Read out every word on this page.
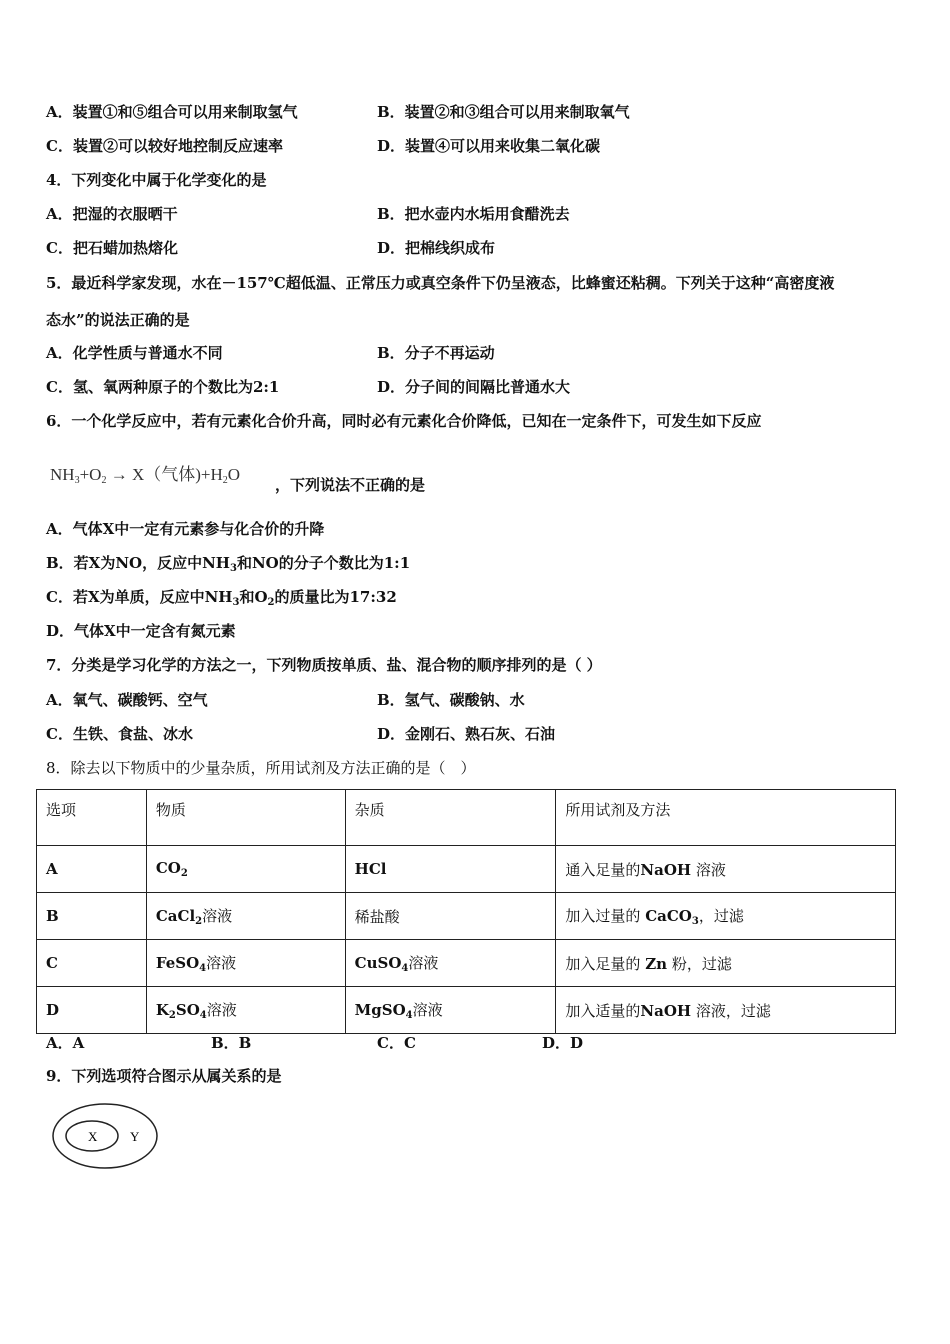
A．装置①和⑤组合可以用来制取氢气	B．装置②和③组合可以用来制取氧气
C．装置②可以较好地控制反应速率	D．装置④可以用来收集二氧化碳
4．下列变化中属于化学变化的是
A．把湿的衣服晒干	B．把水壶内水垢用食醋洗去
C．把石蜡加热熔化	D．把棉线织成布
5．最近科学家发现，水在－157℃超低温、正常压力或真空条件下仍呈液态，比蜂蜜还粘稠。下列关于这种“高密度液
态水”的说法正确的是
A．化学性质与普通水不同	B．分子不再运动
C．氢、氧两种原子的个数比为2:1	D．分子间的间隔比普通水大
6．一个化学反应中，若有元素化合价升高，同时必有元素化合价降低，已知在一定条件下，可发生如下反应
$NH_3+O_2 \to X$（气体)$+H_2O$
，下列说法不正确的是
A．气体X中一定有元素参与化合价的升降
B．若X为NO，反应中$NH_3$和NO的分子个数比为1:1
C．若X为单质，反应中$NH_3$和$O_2$的质量比为17:32
D．气体X中一定含有氮元素
7．分类是学习化学的方法之一，下列物质按单质、盐、混合物的顺序排列的是（ ）
A．氧气、碳酸钙、空气	B．氢气、碳酸钠、水
C．生铁、食盐、冰水	D．金刚石、熟石灰、石油
8．除去以下物质中的少量杂质，所用试剂及方法正确的是（　）
选项	物质	杂质	所用试剂及方法
A	$CO_2$	HCl	通入足量的NaOH 溶液
B	CaCl$_2$溶液	稀盐酸	加入过量的 CaCO$_3$，过滤
C	FeSO$_4$溶液	CuSO$_4$溶液	加入足量的 Zn 粉，过滤
D	$K_2SO_4$溶液	MgSO$_4$溶液	加入适量的NaOH 溶液，过滤
A．A	B．B	C．C	D．D
9．下列选项符合图示从属关系的是
X	Y
